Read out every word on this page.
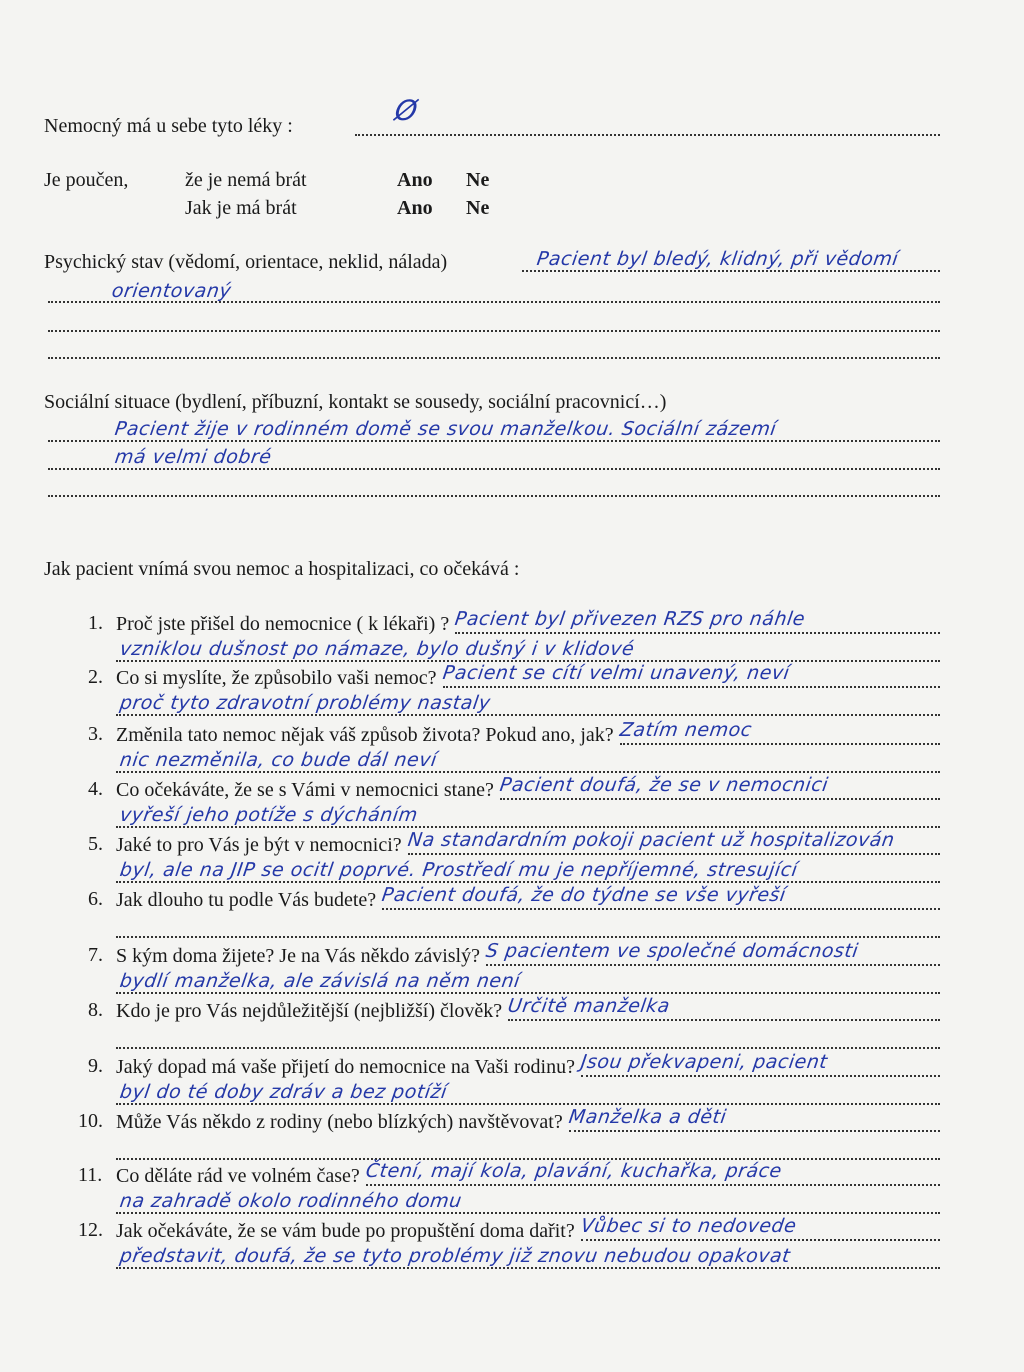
Nemocný má u sebe tyto léky :	Ø
Je poučen,	že je nemá brát	Ano Ne
Jak je má brát	Ano Ne
Psychický stav (vědomí, orientace, neklid, nálada)	Pacient byl bledý, klidný, při vědomí
orientovaný
Sociální situace (bydlení, příbuzní, kontakt se sousedy, sociální pracovnicí…)
Pacient žije v rodinném domě se svou manželkou. Sociální zázemí
má velmi dobré
Jak pacient vnímá svou nemoc a hospitalizaci, co očekává :
1. Proč jste přišel do nemocnice ( k lékaři) ? Pacient byl přivezen RZS pro náhle
vzniklou dušnost po námaze, bylo dušný i v klidové
2. Co si myslíte, že způsobilo vaši nemoc? Pacient se cítí velmi unavený, neví
proč tyto zdravotní problémy nastaly
3. Změnila tato nemoc nějak váš způsob života? Pokud ano, jak? Zatím nemoc
nic nezměnila, co bude dál neví
4. Co očekáváte, že se s Vámi v nemocnici stane? Pacient doufá, že se v nemocnici
vyřeší jeho potíže s dýcháním
5. Jaké to pro Vás je být v nemocnici? Na standardním pokoji pacient už hospitalizován
byl, ale na JIP se ocitl poprvé. Prostředí mu je nepříjemné, stresující
6. Jak dlouho tu podle Vás budete? Pacient doufá, že do týdne se vše vyřeší
7. S kým doma žijete? Je na Vás někdo závislý? S pacientem ve společné domácnosti
bydlí manželka, ale závislá na něm není
8. Kdo je pro Vás nejdůležitější (nejbližší) člověk? Určitě manželka
9. Jaký dopad má vaše přijetí do nemocnice na Vaši rodinu? Jsou překvapeni, pacient
byl do té doby zdráv a bez potíží
10. Může Vás někdo z rodiny (nebo blízkých) navštěvovat? Manželka a děti
11. Co děláte rád ve volném čase? Čtení, mají kola, plavání, kuchařka, práce
na zahradě okolo rodinného domu
12. Jak očekáváte, že se vám bude po propuštění doma dařit? Vůbec si to nedovede
představit, doufá, že se tyto problémy již znovu nebudou opakovat
